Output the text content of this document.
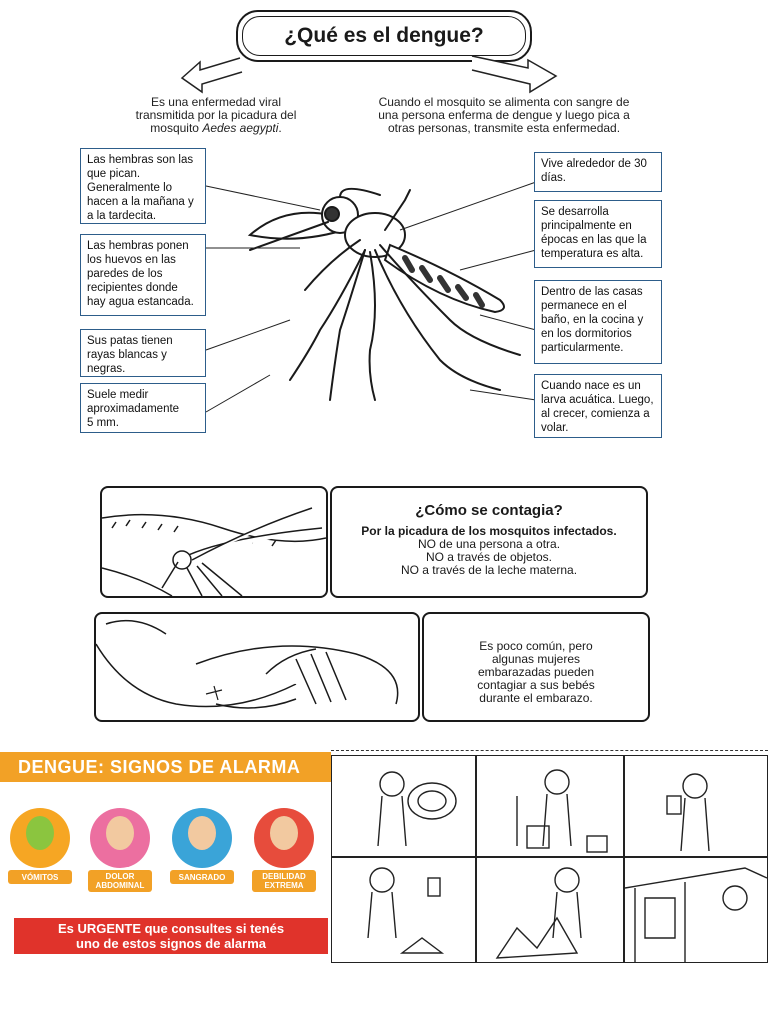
¿Qué es el dengue?
Es una enfermedad viral
transmitida por la picadura del
mosquito Aedes aegypti.
Cuando el mosquito se alimenta con sangre de
una persona enferma de dengue y luego pica a
otras personas, transmite esta enfermedad.
Las hembras son las
que pican.
Generalmente lo
hacen a la mañana y
a la tardecita.
Las hembras ponen
los huevos en las
paredes de los
recipientes donde
hay agua estancada.
Sus patas tienen
rayas blancas y
negras.
Suele medir
aproximadamente
5 mm.
Vive alrededor de 30
días.
Se desarrolla
principalmente en
épocas en las que la
temperatura es alta.
Dentro de las casas
permanece en el
baño, en la cocina y
en los dormitorios
particularmente.
Cuando nace es un
larva acuática. Luego,
al crecer, comienza a
volar.
¿Cómo se contagia?
Por la picadura de los mosquitos infectados.
NO de una persona a otra.
NO a través de objetos.
NO a través de la leche materna.
Es poco común, pero
algunas mujeres
embarazadas pueden
contagiar a sus bebés
durante el embarazo.
DENGUE: SIGNOS DE ALARMA
VÓMITOS	DOLOR ABDOMINAL
SANGRADO	DEBILIDAD EXTREMA
Es URGENTE que consultes si tenés
uno de estos signos de alarma
